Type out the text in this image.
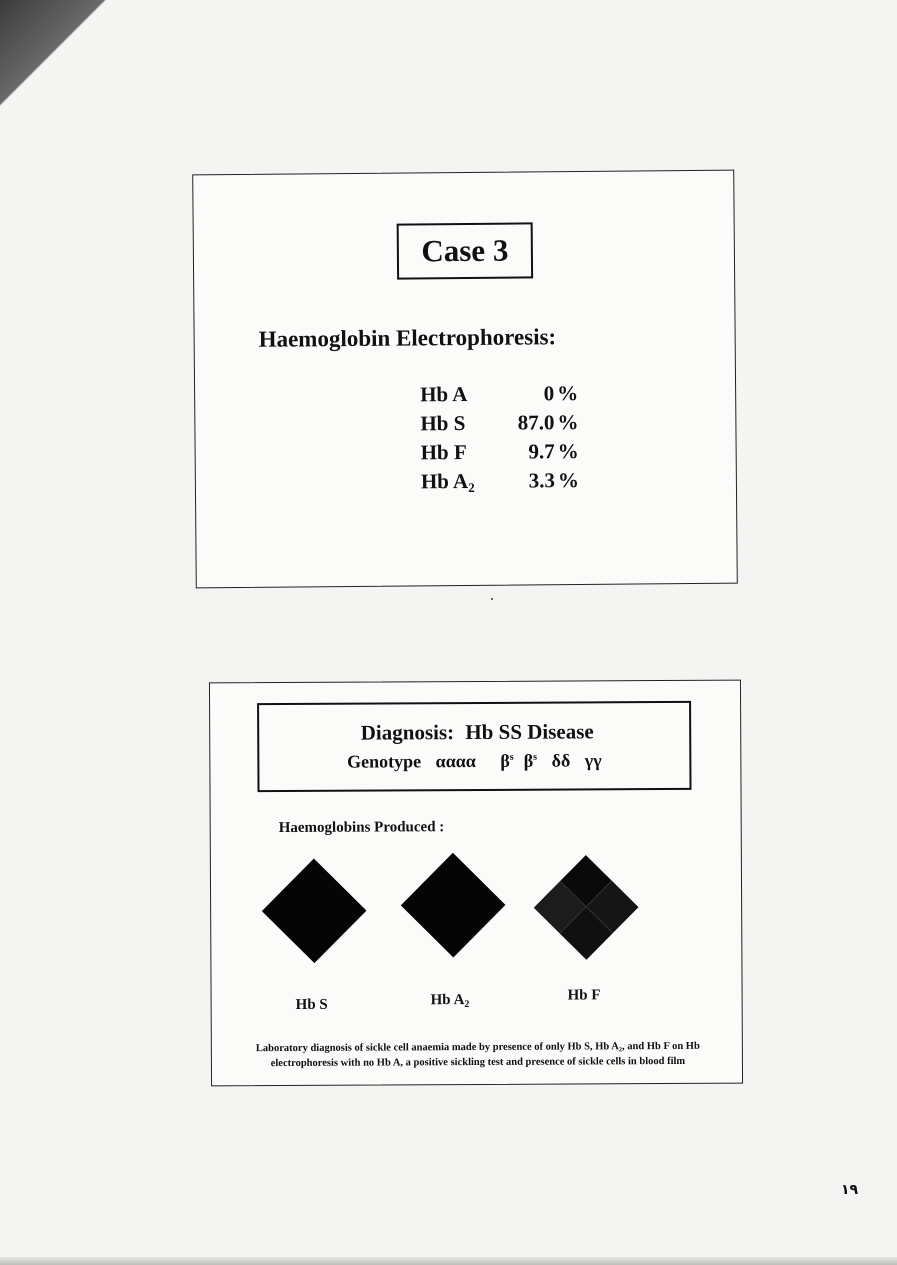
Case 3
Haemoglobin Electrophoresis:
Hb A	0 %
Hb S	87.0 %
Hb F	9.7 %
Hb A2	3.3 %
Diagnosis: Hb SS Disease
Genotype αααα $\beta^s$ $\beta^s$ δδ γγ
Haemoglobins Produced :
Hb S	Hb $A_2$
Hb F
Laboratory diagnosis of sickle cell anaemia made by presence of only Hb S, Hb A₂, and Hb F on Hb electrophoresis with no Hb A, a positive sickling test and presence of sickle cells in blood film
١٩
